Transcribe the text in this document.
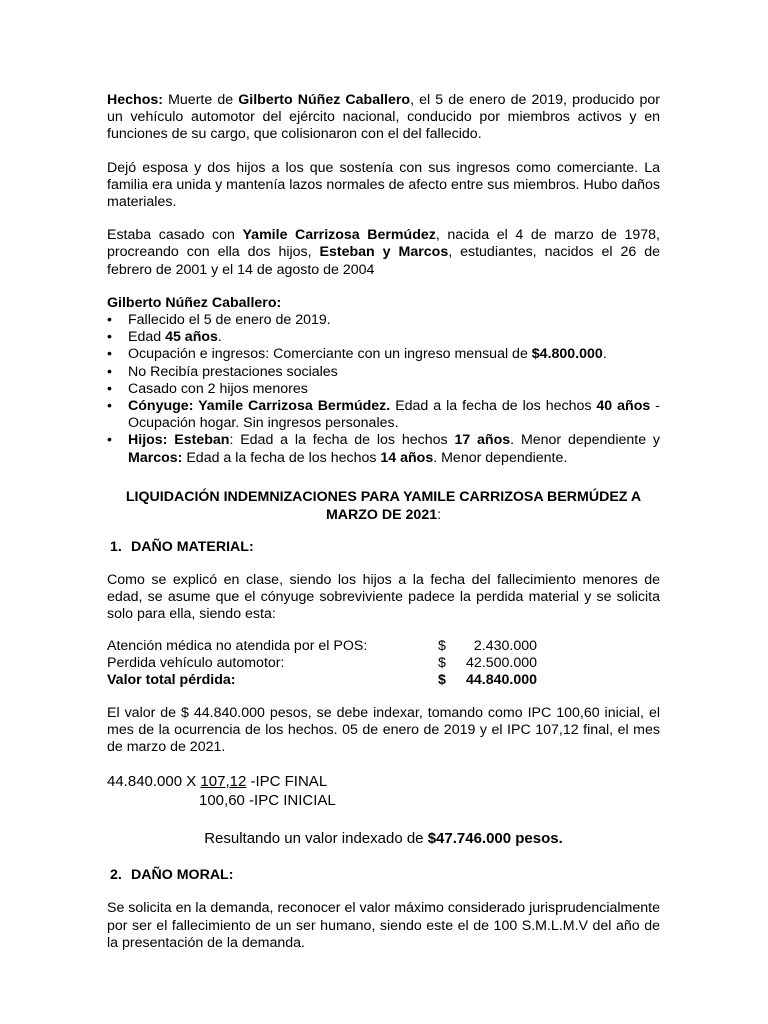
Hechos: Muerte de Gilberto Núñez Caballero, el 5 de enero de 2019, producido por un vehículo automotor del ejército nacional, conducido por miembros activos y en funciones de su cargo, que colisionaron con el del fallecido.

Dejó esposa y dos hijos a los que sostenía con sus ingresos como comerciante. La familia era unida y mantenía lazos normales de afecto entre sus miembros. Hubo daños materiales.

Estaba casado con Yamile Carrizosa Bermúdez, nacida el 4 de marzo de 1978, procreando con ella dos hijos, Esteban y Marcos, estudiantes, nacidos el 26 de febrero de 2001 y el 14 de agosto de 2004

Gilberto Núñez Caballero:

• Fallecido el 5 de enero de 2019.
• Edad 45 años.
• Ocupación e ingresos: Comerciante con un ingreso mensual de $4.800.000.
• No Recibía prestaciones sociales
• Casado con 2 hijos menores
• Cónyuge: Yamile Carrizosa Bermúdez. Edad a la fecha de los hechos 40 años - Ocupación hogar. Sin ingresos personales.
• Hijos: Esteban: Edad a la fecha de los hechos 17 años. Menor dependiente y Marcos: Edad a la fecha de los hechos 14 años. Menor dependiente.
LIQUIDACIÓN INDEMNIZACIONES PARA YAMILE CARRIZOSA BERMÚDEZ A
MARZO DE 2021:
1. DAÑO MATERIAL:

Como se explicó en clase, siendo los hijos a la fecha del fallecimiento menores de edad, se asume que el cónyuge sobreviviente padece la perdida material y se solicita solo para ella, siendo esta:

Atención médica no atendida por el POS:	$	2.430.000
Perdida vehículo automotor:	$	42.500.000
Valor total pérdida:	$	44.840.000

El valor de $ 44.840.000 pesos, se debe indexar, tomando como IPC 100,60 inicial, el mes de la ocurrencia de los hechos. 05 de enero de 2019 y el IPC 107,12 final, el mes de marzo de 2021.

44.840.000 X 107,12 -IPC FINAL
100,60 -IPC INICIAL
Resultando un valor indexado de $47.746.000 pesos.
2. DAÑO MORAL:

Se solicita en la demanda, reconocer el valor máximo considerado jurisprudencialmente por ser el fallecimiento de un ser humano, siendo este el de 100 S.M.L.M.V del año de la presentación de la demanda.
